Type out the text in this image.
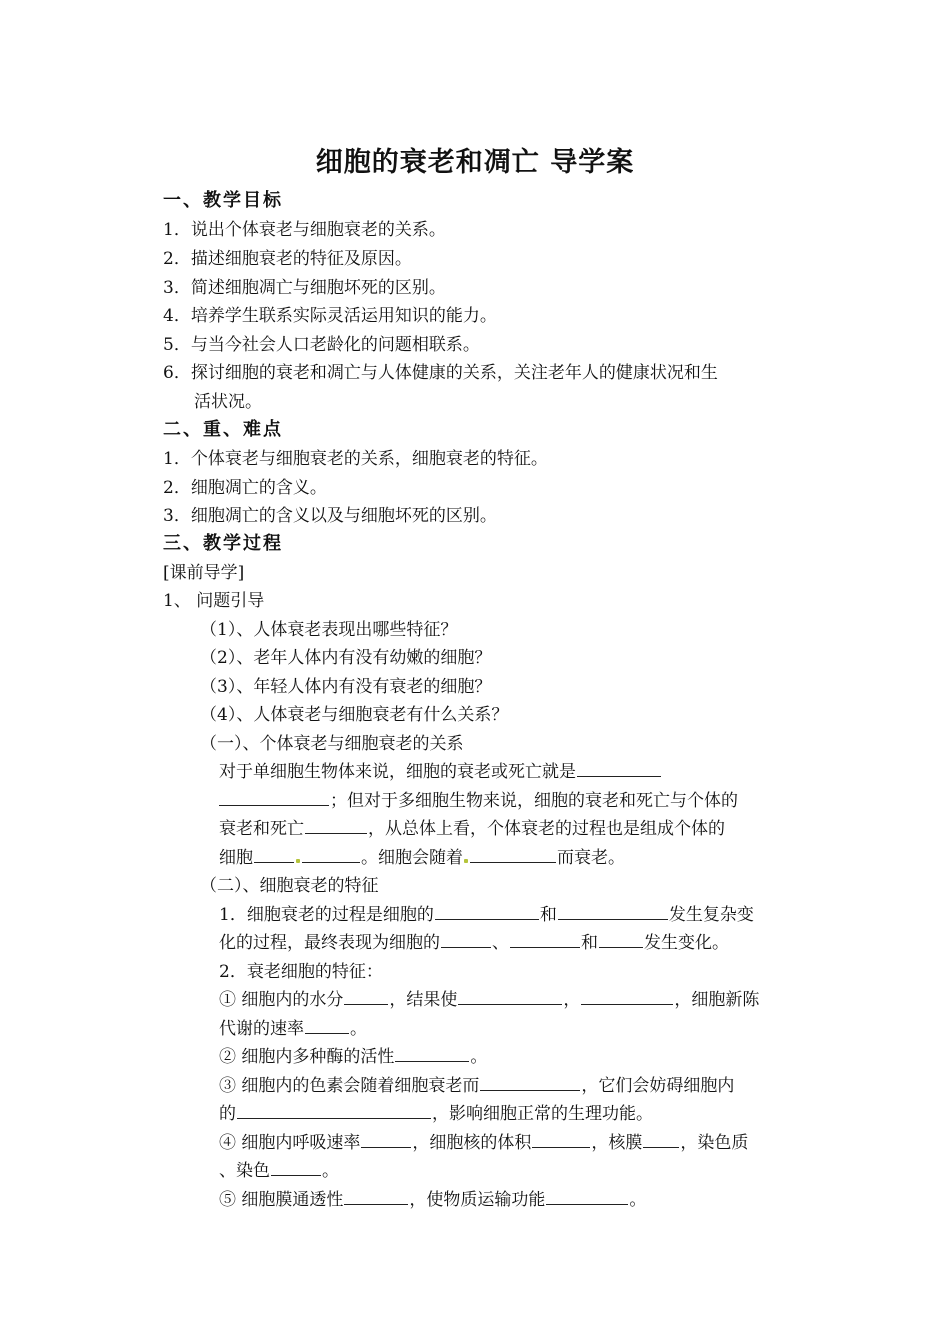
细胞的衰老和凋亡 导学案
一、教学目标
1．说出个体衰老与细胞衰老的关系。
2．描述细胞衰老的特征及原因。
3．简述细胞凋亡与细胞坏死的区别。
4．培养学生联系实际灵活运用知识的能力。
5．与当今社会人口老龄化的问题相联系。
6．探讨细胞的衰老和凋亡与人体健康的关系，关注老年人的健康状况和生
活状况。
二、重、难点
1．个体衰老与细胞衰老的关系，细胞衰老的特征。
2．细胞凋亡的含义。
3．细胞凋亡的含义以及与细胞坏死的区别。
三、教学过程
[课前导学]
1、 问题引导
（1）、人体衰老表现出哪些特征？
（2）、老年人体内有没有幼嫩的细胞？
（3）、年轻人体内有没有衰老的细胞？
（4）、人体衰老与细胞衰老有什么关系？
（一）、个体衰老与细胞衰老的关系
对于单细胞生物体来说，细胞的衰老或死亡就是
；但对于多细胞生物来说，细胞的衰老和死亡与个体的
衰老和死亡	，从总体上看，个体衰老的过程也是组成个体的
细胞	。细胞会随着	而衰老。
（二）、细胞衰老的特征
1．细胞衰老的过程是细胞的	和	发生复杂变
化的过程，最终表现为细胞的	、	和	发生变化。
2．衰老细胞的特征：
① 细胞内的水分	，结果使	，	，细胞新陈
代谢的速率	。
② 细胞内多种酶的活性	。
③ 细胞内的色素会随着细胞衰老而	，它们会妨碍细胞内
的	，影响细胞正常的生理功能。
④ 细胞内呼吸速率	，细胞核的体积	，核膜 ，染色质
、染色	。
⑤ 细胞膜通透性	，使物质运输功能	。
